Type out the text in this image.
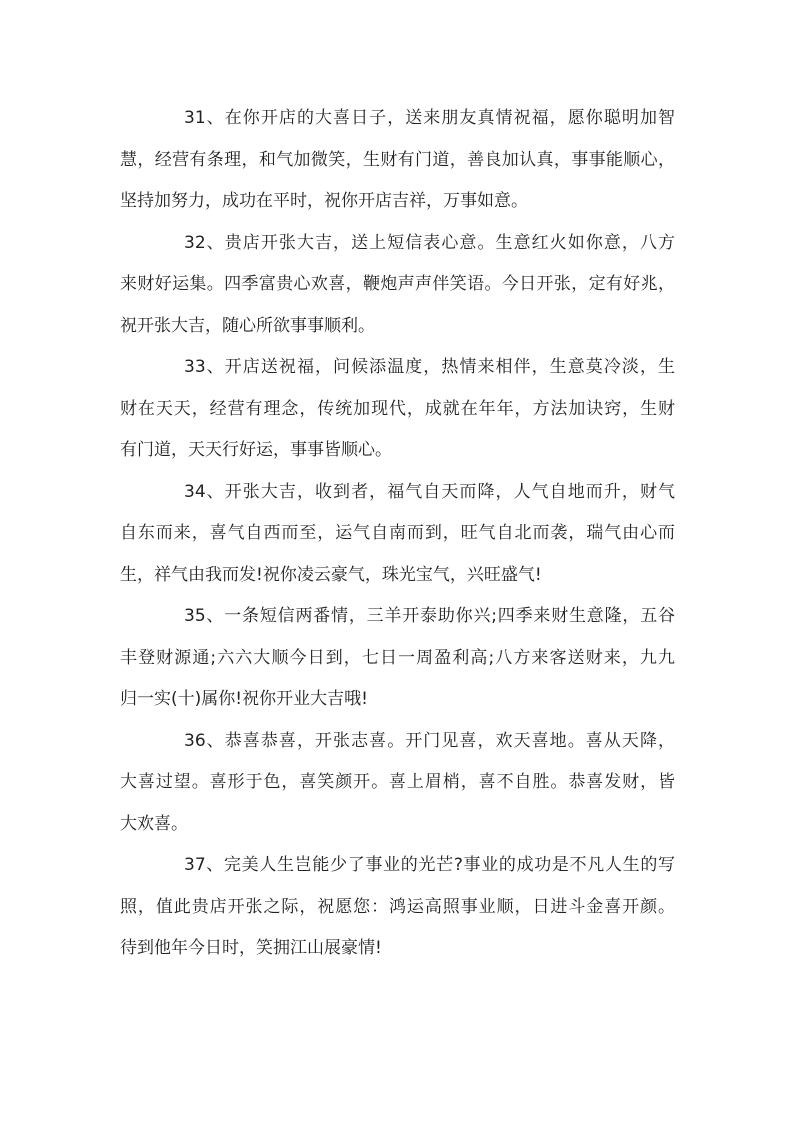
31、在你开店的大喜日子，送来朋友真情祝福，愿你聪明加智
慧，经营有条理，和气加微笑，生财有门道，善良加认真，事事能顺心，
坚持加努力，成功在平时，祝你开店吉祥，万事如意。
32、贵店开张大吉，送上短信表心意。生意红火如你意，八方
来财好运集。四季富贵心欢喜，鞭炮声声伴笑语。今日开张，定有好兆，
祝开张大吉，随心所欲事事顺利。
33、开店送祝福，问候添温度，热情来相伴，生意莫冷淡，生
财在天天，经营有理念，传统加现代，成就在年年，方法加诀窍，生财
有门道，天天行好运，事事皆顺心。
34、开张大吉，收到者，福气自天而降，人气自地而升，财气
自东而来，喜气自西而至，运气自南而到，旺气自北而袭，瑞气由心而
生，祥气由我而发!祝你凌云豪气，珠光宝气，兴旺盛气!
35、一条短信两番情，三羊开泰助你兴;四季来财生意隆，五谷
丰登财源通;六六大顺今日到，七日一周盈利高;八方来客送财来，九九
归一实(十)属你!祝你开业大吉哦!
36、恭喜恭喜，开张志喜。开门见喜，欢天喜地。喜从天降，
大喜过望。喜形于色，喜笑颜开。喜上眉梢，喜不自胜。恭喜发财，皆
大欢喜。
37、完美人生岂能少了事业的光芒?事业的成功是不凡人生的写
照，值此贵店开张之际，祝愿您：鸿运高照事业顺，日进斗金喜开颜。
待到他年今日时，笑拥江山展豪情!
